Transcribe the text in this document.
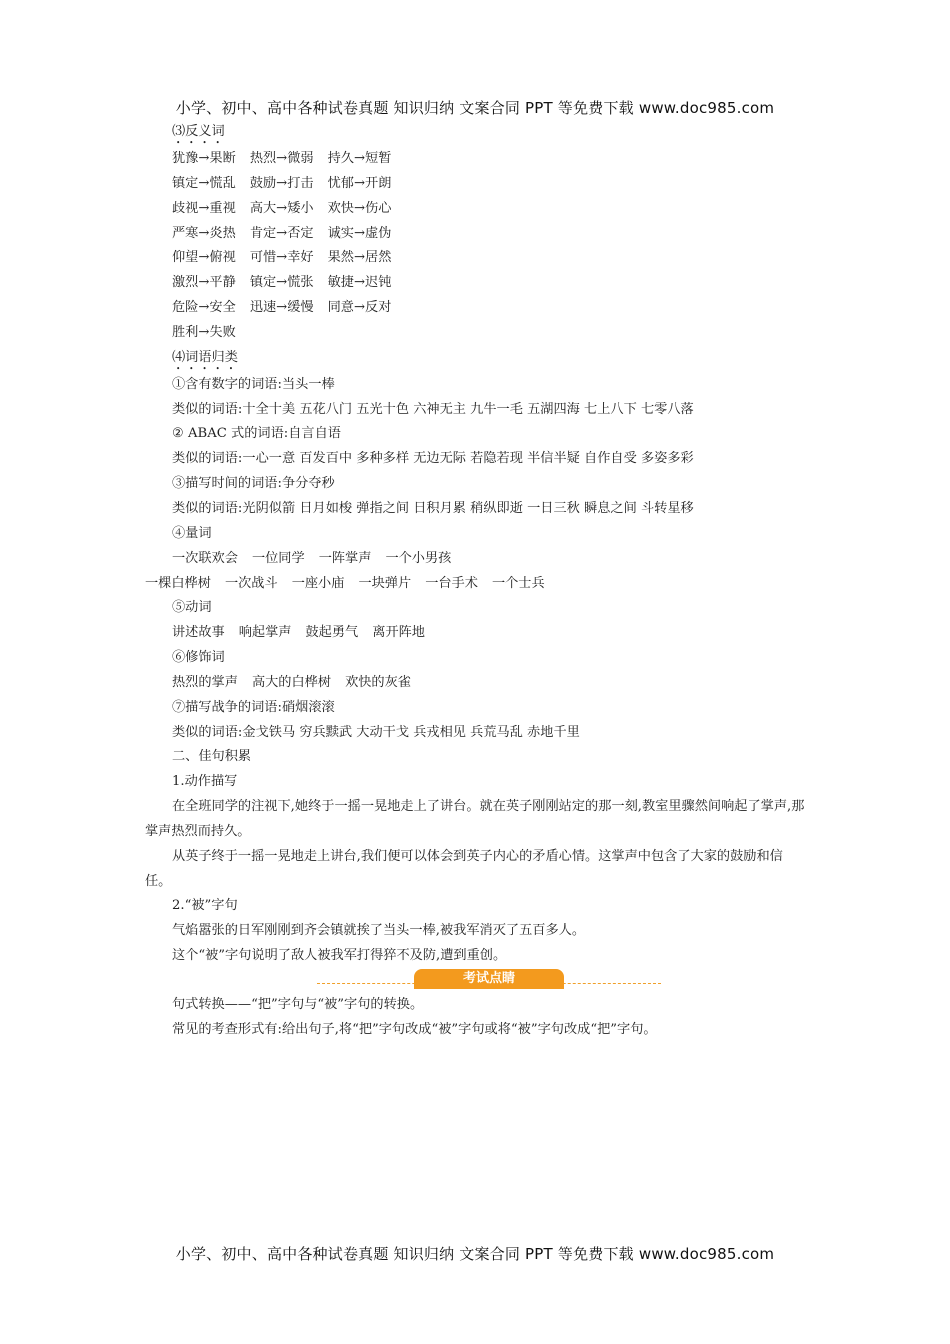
小学、初中、高中各种试卷真题 知识归纳 文案合同 PPT 等免费下载 www.doc985.com
⑶反义词
犹豫→果断 热烈→微弱 持久→短暂
镇定→慌乱 鼓励→打击 忧郁→开朗
歧视→重视 高大→矮小 欢快→伤心
严寒→炎热 肯定→否定 诚实→虚伪
仰望→俯视 可惜→幸好 果然→居然
激烈→平静 镇定→慌张 敏捷→迟钝
危险→安全 迅速→缓慢 同意→反对
胜利→失败
⑷词语归类
①含有数字的词语:当头一棒
类似的词语:十全十美 五花八门 五光十色 六神无主 九牛一毛 五湖四海 七上八下 七零八落
② ABAC 式的词语:自言自语
类似的词语:一心一意 百发百中 多种多样 无边无际 若隐若现 半信半疑 自作自受 多姿多彩
③描写时间的词语:争分夺秒
类似的词语:光阴似箭 日月如梭 弹指之间 日积月累 稍纵即逝 一日三秋 瞬息之间 斗转星移
④量词
一次联欢会 一位同学 一阵掌声 一个小男孩
一棵白桦树 一次战斗 一座小庙 一块弹片 一台手术 一个士兵
⑤动词
讲述故事 响起掌声 鼓起勇气 离开阵地
⑥修饰词
热烈的掌声 高大的白桦树 欢快的灰雀
⑦描写战争的词语:硝烟滚滚
类似的词语:金戈铁马 穷兵黩武 大动干戈 兵戎相见 兵荒马乱 赤地千里
二、佳句积累
1.动作描写
在全班同学的注视下,她终于一摇一晃地走上了讲台。就在英子刚刚站定的那一刻,教室里骤然间响起了掌声,那掌声热烈而持久。
从英子终于一摇一晃地走上讲台,我们便可以体会到英子内心的矛盾心情。这掌声中包含了大家的鼓励和信任。
2.“被”字句
气焰嚣张的日军刚刚到齐会镇就挨了当头一棒,被我军消灭了五百多人。
这个“被”字句说明了敌人被我军打得猝不及防,遭到重创。
考试点睛
句式转换——“把”字句与“被”字句的转换。
常见的考查形式有:给出句子,将“把”字句改成“被”字句或将“被”字句改成“把”字句。
小学、初中、高中各种试卷真题 知识归纳 文案合同 PPT 等免费下载 www.doc985.com
